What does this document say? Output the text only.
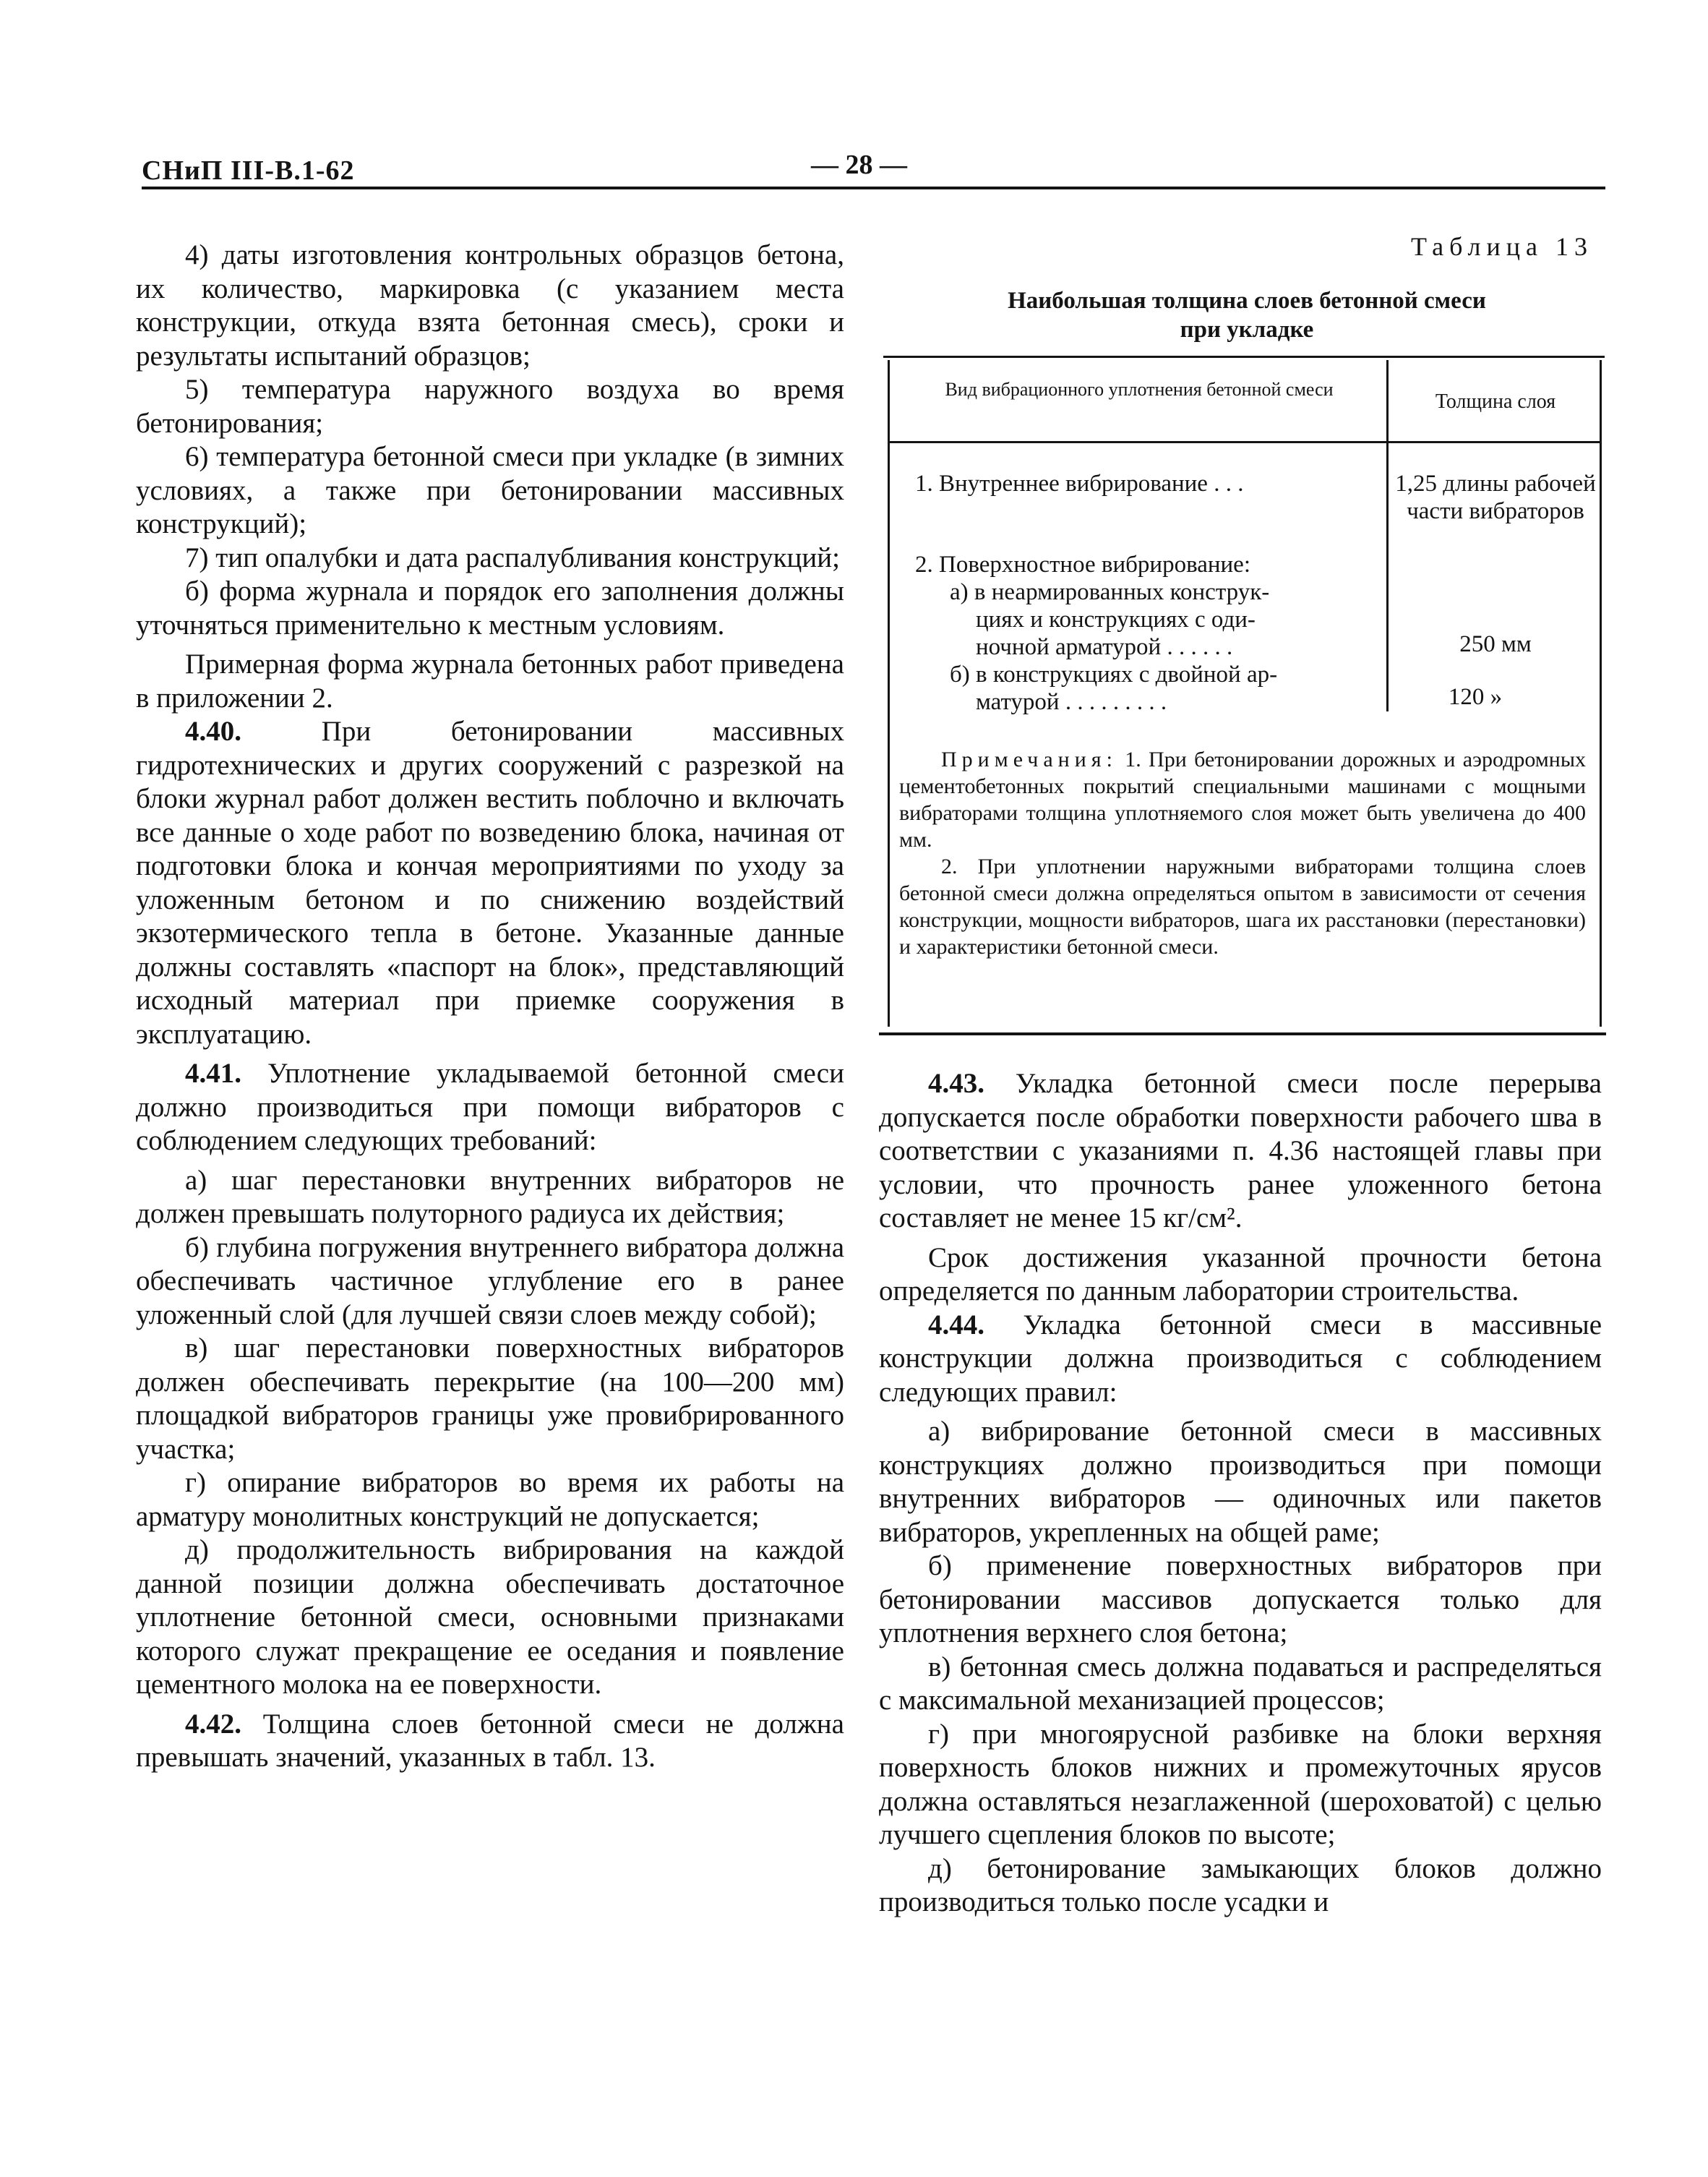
СНиП III-В.1-62	— 28 —

4) даты изготовления контрольных образцов бетона, их количество, маркировка (с указанием места конструкции, откуда взята бетонная смесь), сроки и результаты испытаний образцов;

5) температура наружного воздуха во время бетонирования;

6) температура бетонной смеси при укладке (в зимних условиях, а также при бетонировании массивных конструкций);

7) тип опалубки и дата распалубливания конструкций;

б) форма журнала и порядок его заполнения должны уточняться применительно к местным условиям.

Примерная форма журнала бетонных работ приведена в приложении 2.

4.40. При бетонировании массивных гидротехнических и других сооружений с разрезкой на блоки журнал работ должен вестить поблочно и включать все данные о ходе работ по возведению блока, начиная от подготовки блока и кончая мероприятиями по уходу за уложенным бетоном и по снижению воздействий экзотермического тепла в бетоне. Указанные данные должны составлять «паспорт на блок», представляющий исходный материал при приемке сооружения в эксплуатацию.

4.41. Уплотнение укладываемой бетонной смеси должно производиться при помощи вибраторов с соблюдением следующих требований:

а) шаг перестановки внутренних вибраторов не должен превышать полуторного радиуса их действия;

б) глубина погружения внутреннего вибратора должна обеспечивать частичное углубление его в ранее уложенный слой (для лучшей связи слоев между собой);

в) шаг перестановки поверхностных вибраторов должен обеспечивать перекрытие (на 100—200 мм) площадкой вибраторов границы уже провибрированного участка;

г) опирание вибраторов во время их работы на арматуру монолитных конструкций не допускается;

д) продолжительность вибрирования на каждой данной позиции должна обеспечивать достаточное уплотнение бетонной смеси, основными признаками которого служат прекращение ее оседания и появление цементного молока на ее поверхности.

4.42. Толщина слоев бетонной смеси не должна превышать значений, указанных в табл. 13.

Таблица 13
Наибольшая толщина слоев бетонной смеси
при укладке
Вид вибрационного уплотнения бетонной смеси
Толщина слоя
1. Внутреннее вибрирование . . .	1,25 длины рабочей части вибраторов
2. Поверхностное вибрирование:
а) в неармированных конструк-
циях и конструкциях с оди-
ночной арматурой . . . . . .	250 мм
б) в конструкциях с двойной ар-
матурой . . . . . . . . .	120 »

Примечания: 1. При бетонировании дорожных и аэродромных цементобетонных покрытий специальными машинами с мощными вибраторами толщина уплотняемого слоя может быть увеличена до 400 мм.

2. При уплотнении наружными вибраторами толщина слоев бетонной смеси должна определяться опытом в зависимости от сечения конструкции, мощности вибраторов, шага их расстановки (перестановки) и характеристики бетонной смеси.

4.43. Укладка бетонной смеси после перерыва допускается после обработки поверхности рабочего шва в соответствии с указаниями п. 4.36 настоящей главы при условии, что прочность ранее уложенного бетона составляет не менее 15 кг/см².

Срок достижения указанной прочности бетона определяется по данным лаборатории строительства.

4.44. Укладка бетонной смеси в массивные конструкции должна производиться с соблюдением следующих правил:

а) вибрирование бетонной смеси в массивных конструкциях должно производиться при помощи внутренних вибраторов — одиночных или пакетов вибраторов, укрепленных на общей раме;

б) применение поверхностных вибраторов при бетонировании массивов допускается только для уплотнения верхнего слоя бетона;

в) бетонная смесь должна подаваться и распределяться с максимальной механизацией процессов;

г) при многоярусной разбивке на блоки верхняя поверхность блоков нижних и промежуточных ярусов должна оставляться незаглаженной (шероховатой) с целью лучшего сцепления блоков по высоте;

д) бетонирование замыкающих блоков должно производиться только после усадки и
